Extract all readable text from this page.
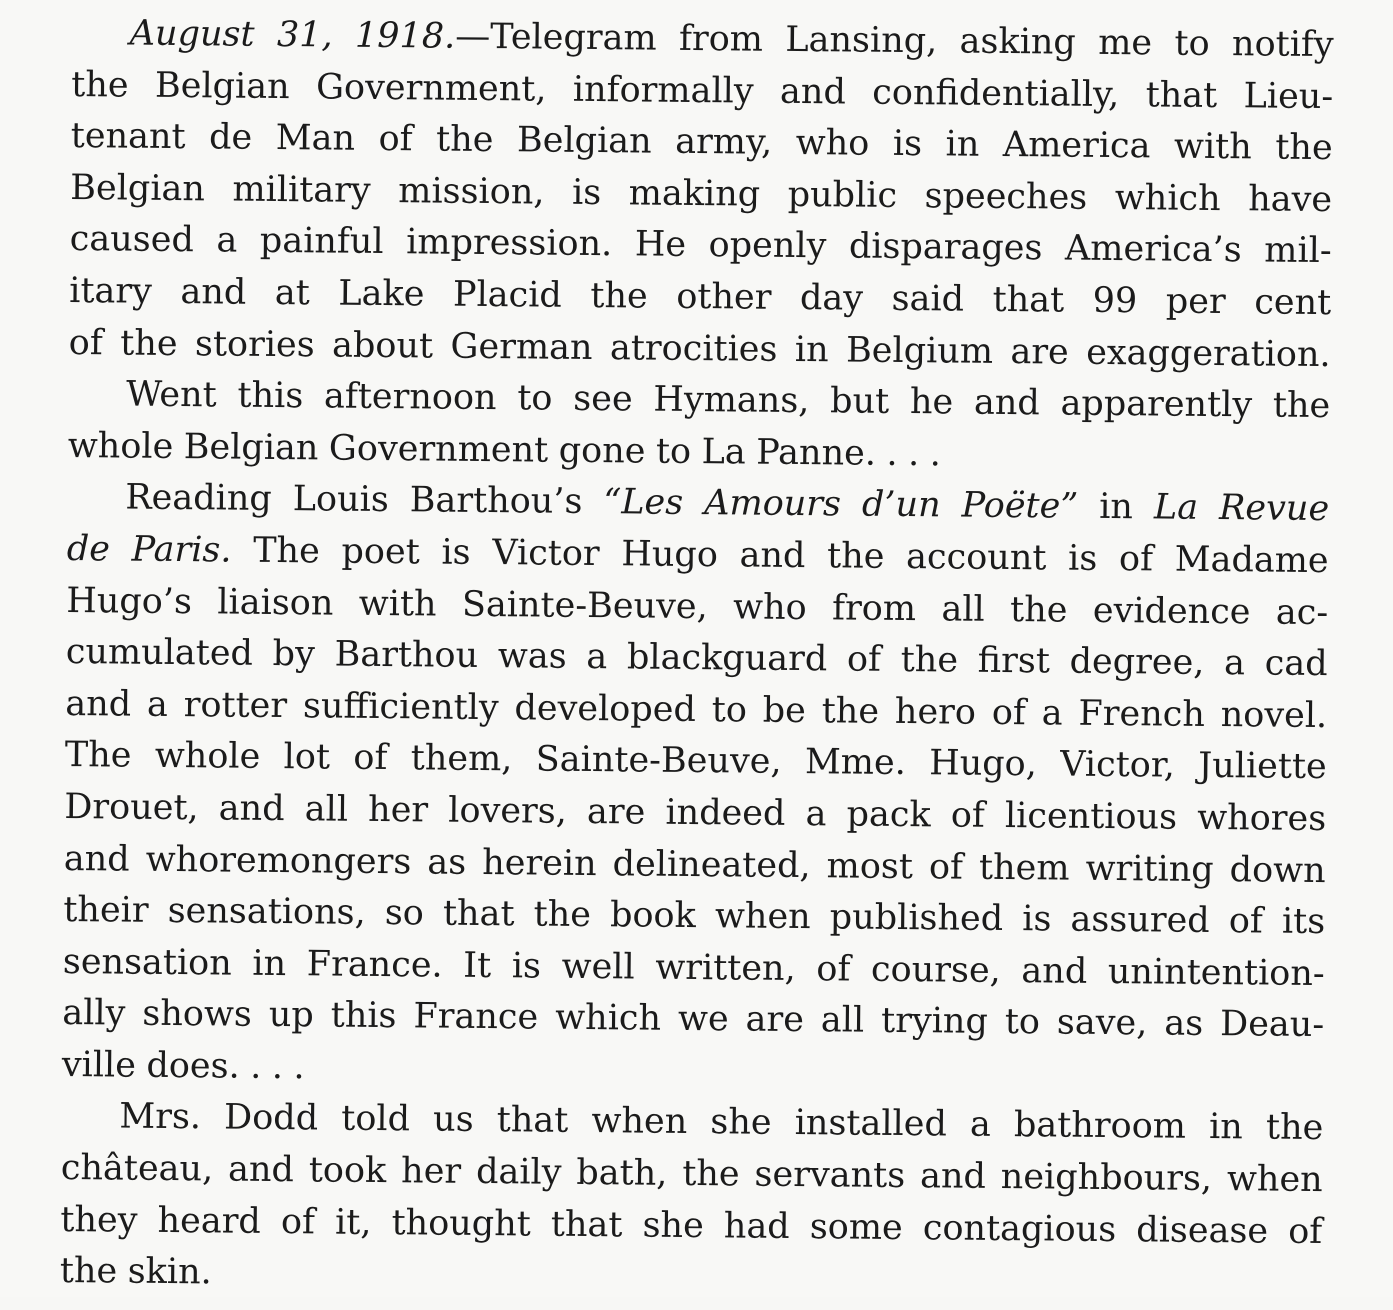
August 31, 1918.—Telegram from Lansing, asking me to notify
the Belgian Government, informally and confidentially, that Lieu-
tenant de Man of the Belgian army, who is in America with the
Belgian military mission, is making public speeches which have
caused a painful impression. He openly disparages America’s mil-
itary and at Lake Placid the other day said that 99 per cent
of the stories about German atrocities in Belgium are exaggeration.
Went this afternoon to see Hymans, but he and apparently the
whole Belgian Government gone to La Panne. . . .
Reading Louis Barthou’s “Les Amours d’un Poëte” in La Revue
de Paris. The poet is Victor Hugo and the account is of Madame
Hugo’s liaison with Sainte-Beuve, who from all the evidence ac-
cumulated by Barthou was a blackguard of the first degree, a cad
and a rotter sufficiently developed to be the hero of a French novel.
The whole lot of them, Sainte-Beuve, Mme. Hugo, Victor, Juliette
Drouet, and all her lovers, are indeed a pack of licentious whores
and whoremongers as herein delineated, most of them writing down
their sensations, so that the book when published is assured of its
sensation in France. It is well written, of course, and unintention-
ally shows up this France which we are all trying to save, as Deau-
ville does. . . .
Mrs. Dodd told us that when she installed a bathroom in the
château, and took her daily bath, the servants and neighbours, when
they heard of it, thought that she had some contagious disease of
the skin.
